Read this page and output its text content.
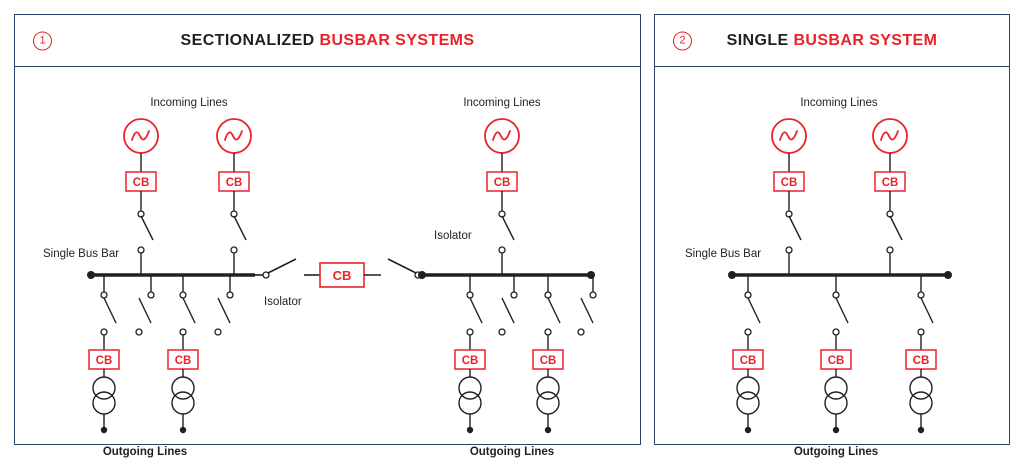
1	SECTIONALIZED BUSBAR SYSTEMS
Single Bus Bar
Incoming Lines
CB	CB
CB
Isolator
Isolator
Incoming Lines
CB
CB	CB
Outgoing Lines
CB	CB
Outgoing Lines
2	SINGLE BUSBAR SYSTEM
Single Bus Bar
Incoming Lines
CB	CB
CB	CB	CB
Outgoing Lines
